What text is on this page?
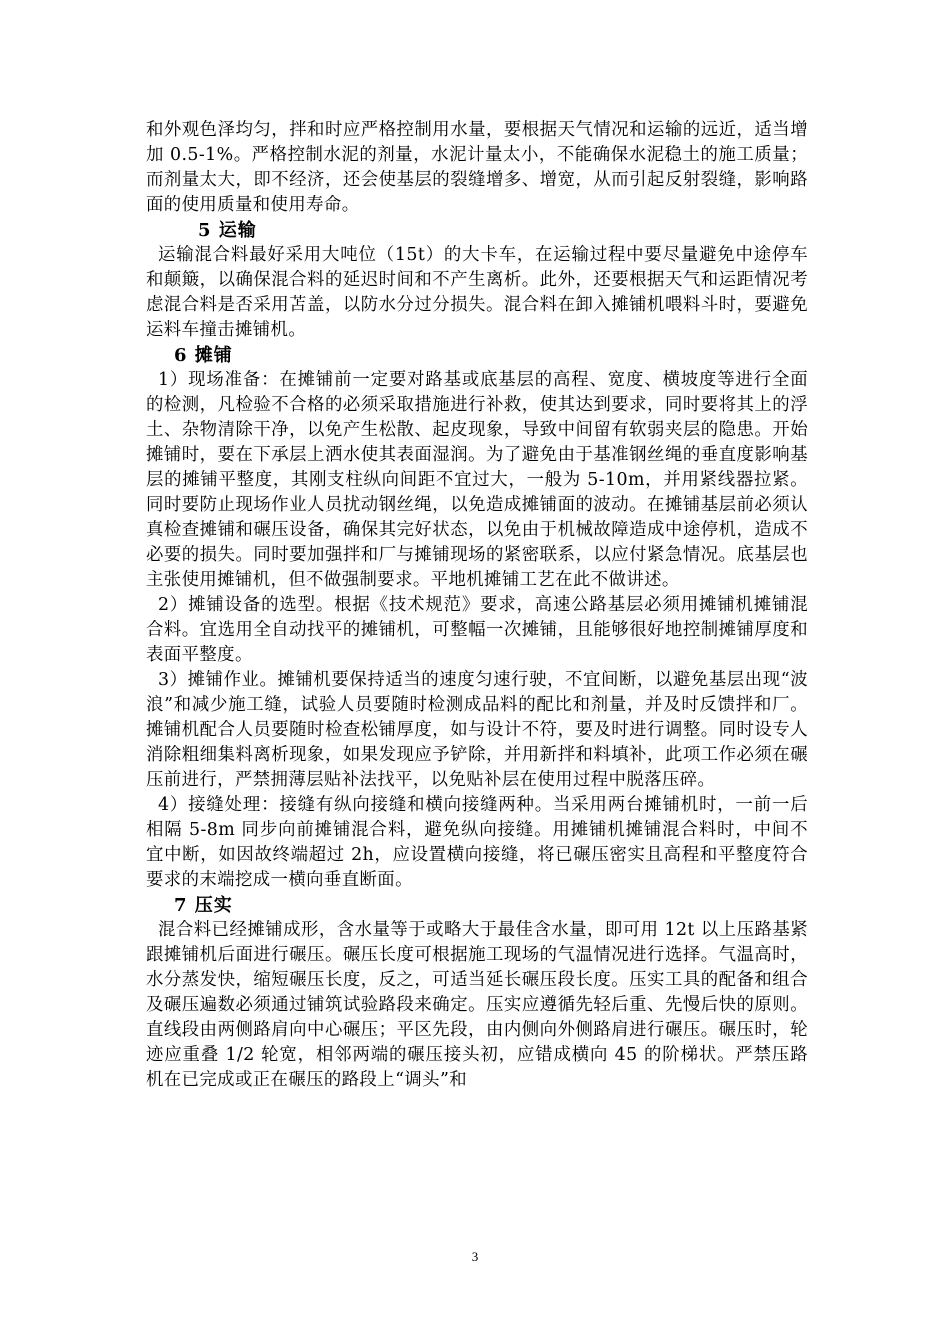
和外观色泽均匀，拌和时应严格控制用水量，要根据天气情况和运输的远近，适当增加 0.5-1%。严格控制水泥的剂量，水泥计量太小，不能确保水泥稳土的施工质量；而剂量太大，即不经济，还会使基层的裂缝增多、增宽，从而引起反射裂缝，影响路面的使用质量和使用寿命。

5 运输

运输混合料最好采用大吨位（15t）的大卡车，在运输过程中要尽量避免中途停车和颠簸，以确保混合料的延迟时间和不产生离析。此外，还要根据天气和运距情况考虑混合料是否采用苫盖，以防水分过分损失。混合料在卸入摊铺机喂料斗时，要避免运料车撞击摊铺机。

6 摊铺

1）现场准备：在摊铺前一定要对路基或底基层的高程、宽度、横坡度等进行全面的检测，凡检验不合格的必须采取措施进行补救，使其达到要求，同时要将其上的浮土、杂物清除干净，以免产生松散、起皮现象，导致中间留有软弱夹层的隐患。开始摊铺时，要在下承层上洒水使其表面湿润。为了避免由于基准钢丝绳的垂直度影响基层的摊铺平整度，其刚支柱纵向间距不宜过大，一般为 5-10m，并用紧线器拉紧。同时要防止现场作业人员扰动钢丝绳，以免造成摊铺面的波动。在摊铺基层前必须认真检查摊铺和碾压设备，确保其完好状态，以免由于机械故障造成中途停机，造成不必要的损失。同时要加强拌和厂与摊铺现场的紧密联系，以应付紧急情况。底基层也主张使用摊铺机，但不做强制要求。平地机摊铺工艺在此不做讲述。

2）摊铺设备的选型。根据《技术规范》要求，高速公路基层必须用摊铺机摊铺混合料。宜选用全自动找平的摊铺机，可整幅一次摊铺，且能够很好地控制摊铺厚度和表面平整度。

3）摊铺作业。摊铺机要保持适当的速度匀速行驶，不宜间断，以避免基层出现“波浪”和减少施工缝，试验人员要随时检测成品料的配比和剂量，并及时反馈拌和厂。摊铺机配合人员要随时检查松铺厚度，如与设计不符，要及时进行调整。同时设专人消除粗细集料离析现象，如果发现应予铲除，并用新拌和料填补，此项工作必须在碾压前进行，严禁拥薄层贴补法找平，以免贴补层在使用过程中脱落压碎。

4）接缝处理：接缝有纵向接缝和横向接缝两种。当采用两台摊铺机时，一前一后相隔 5-8m 同步向前摊铺混合料，避免纵向接缝。用摊铺机摊铺混合料时，中间不宜中断，如因故终端超过 2h，应设置横向接缝，将已碾压密实且高程和平整度符合要求的末端挖成一横向垂直断面。

7 压实

混合料已经摊铺成形，含水量等于或略大于最佳含水量，即可用 12t 以上压路基紧跟摊铺机后面进行碾压。碾压长度可根据施工现场的气温情况进行选择。气温高时，水分蒸发快，缩短碾压长度，反之，可适当延长碾压段长度。压实工具的配备和组合及碾压遍数必须通过铺筑试验路段来确定。压实应遵循先轻后重、先慢后快的原则。直线段由两侧路肩向中心碾压；平区先段，由内侧向外侧路肩进行碾压。碾压时，轮迹应重叠 1/2 轮宽，相邻两端的碾压接头初，应错成横向 45 的阶梯状。严禁压路机在已完成或正在碾压的路段上“调头”和

3
